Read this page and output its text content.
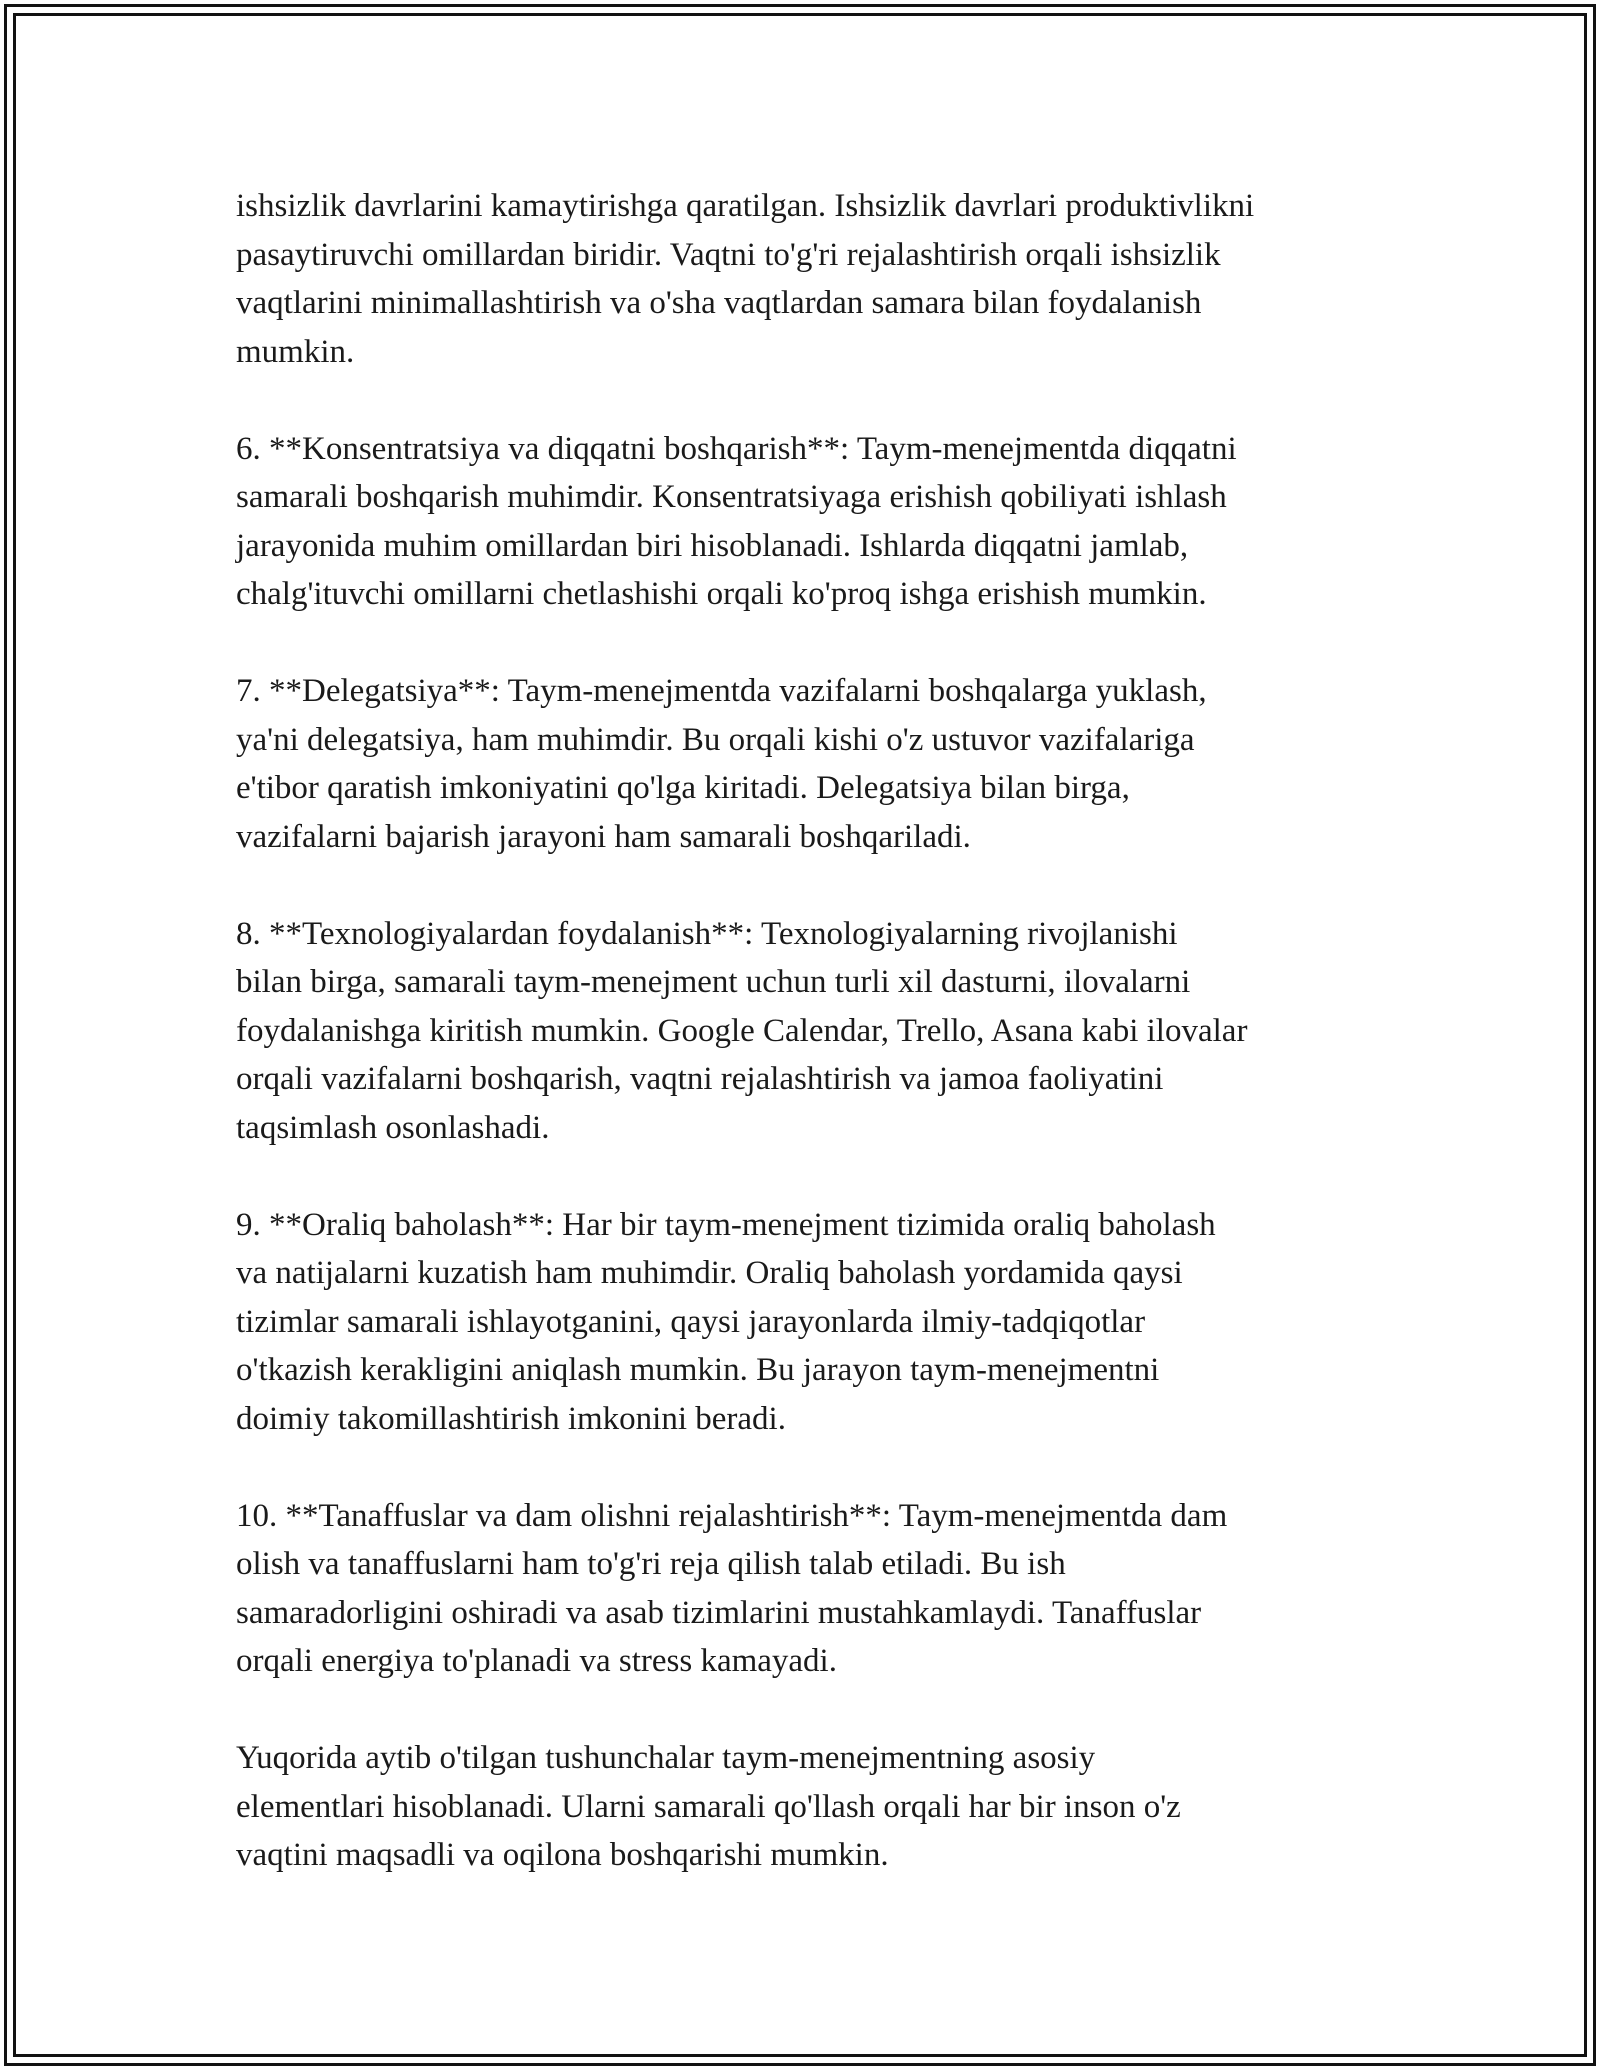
ishsizlik davrlarini kamaytirishga qaratilgan. Ishsizlik davrlari produktivlikni
pasaytiruvchi omillardan biridir. Vaqtni to'g'ri rejalashtirish orqali ishsizlik
vaqtlarini minimallashtirish va o'sha vaqtlardan samara bilan foydalanish
mumkin.

6. **Konsentratsiya va diqqatni boshqarish**: Taym-menejmentda diqqatni
samarali boshqarish muhimdir. Konsentratsiyaga erishish qobiliyati ishlash
jarayonida muhim omillardan biri hisoblanadi. Ishlarda diqqatni jamlab,
chalg'ituvchi omillarni chetlashishi orqali ko'proq ishga erishish mumkin.

7. **Delegatsiya**: Taym-menejmentda vazifalarni boshqalarga yuklash,
ya'ni delegatsiya, ham muhimdir. Bu orqali kishi o'z ustuvor vazifalariga
e'tibor qaratish imkoniyatini qo'lga kiritadi. Delegatsiya bilan birga,
vazifalarni bajarish jarayoni ham samarali boshqariladi.

8. **Texnologiyalardan foydalanish**: Texnologiyalarning rivojlanishi
bilan birga, samarali taym-menejment uchun turli xil dasturni, ilovalarni
foydalanishga kiritish mumkin. Google Calendar, Trello, Asana kabi ilovalar
orqali vazifalarni boshqarish, vaqtni rejalashtirish va jamoa faoliyatini
taqsimlash osonlashadi.

9. **Oraliq baholash**: Har bir taym-menejment tizimida oraliq baholash
va natijalarni kuzatish ham muhimdir. Oraliq baholash yordamida qaysi
tizimlar samarali ishlayotganini, qaysi jarayonlarda ilmiy-tadqiqotlar
o'tkazish kerakligini aniqlash mumkin. Bu jarayon taym-menejmentni
doimiy takomillashtirish imkonini beradi.

10. **Tanaffuslar va dam olishni rejalashtirish**: Taym-menejmentda dam
olish va tanaffuslarni ham to'g'ri reja qilish talab etiladi. Bu ish
samaradorligini oshiradi va asab tizimlarini mustahkamlaydi. Tanaffuslar
orqali energiya to'planadi va stress kamayadi.

Yuqorida aytib o'tilgan tushunchalar taym-menejmentning asosiy
elementlari hisoblanadi. Ularni samarali qo'llash orqali har bir inson o'z
vaqtini maqsadli va oqilona boshqarishi mumkin.
